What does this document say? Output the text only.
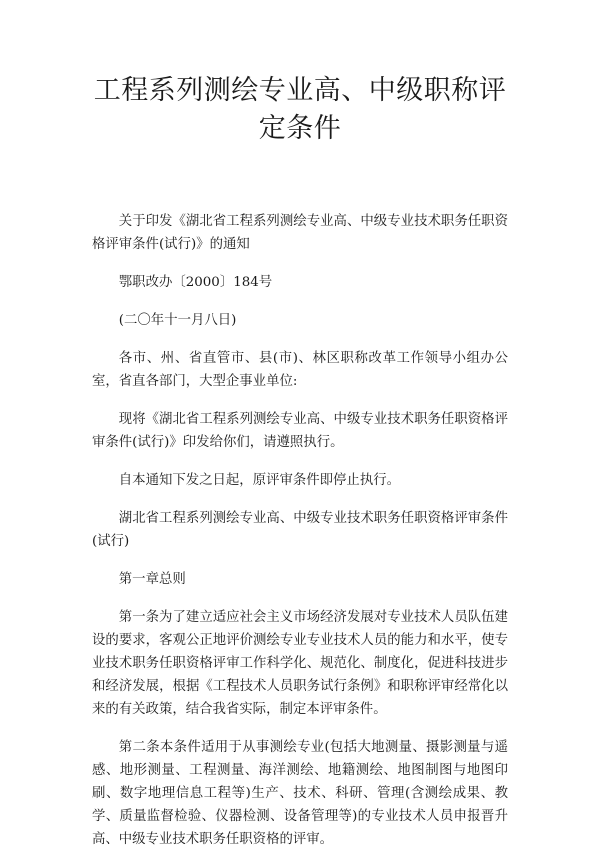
工程系列测绘专业高、中级职称评定条件

关于印发《湖北省工程系列测绘专业高、中级专业技术职务任职资格评审条件(试行)》的通知

鄂职改办〔2000〕184号

(二〇年十一月八日)

各市、州、省直管市、县(市)、林区职称改革工作领导小组办公室，省直各部门，大型企事业单位:

现将《湖北省工程系列测绘专业高、中级专业技术职务任职资格评审条件(试行)》印发给你们，请遵照执行。

自本通知下发之日起，原评审条件即停止执行。

湖北省工程系列测绘专业高、中级专业技术职务任职资格评审条件(试行)

第一章总则

第一条为了建立适应社会主义市场经济发展对专业技术人员队伍建设的要求，客观公正地评价测绘专业专业技术人员的能力和水平，使专业技术职务任职资格评审工作科学化、规范化、制度化，促进科技进步和经济发展，根据《工程技术人员职务试行条例》和职称评审经常化以来的有关政策，结合我省实际，制定本评审条件。

第二条本条件适用于从事测绘专业(包括大地测量、摄影测量与遥感、地形测量、工程测量、海洋测绘、地籍测绘、地图制图与地图印刷、数字地理信息工程等)生产、技术、科研、管理(含测绘成果、教学、质量监督检验、仪器检测、设备管理等)的专业技术人员申报晋升高、中级专业技术职务任职资格的评审。
